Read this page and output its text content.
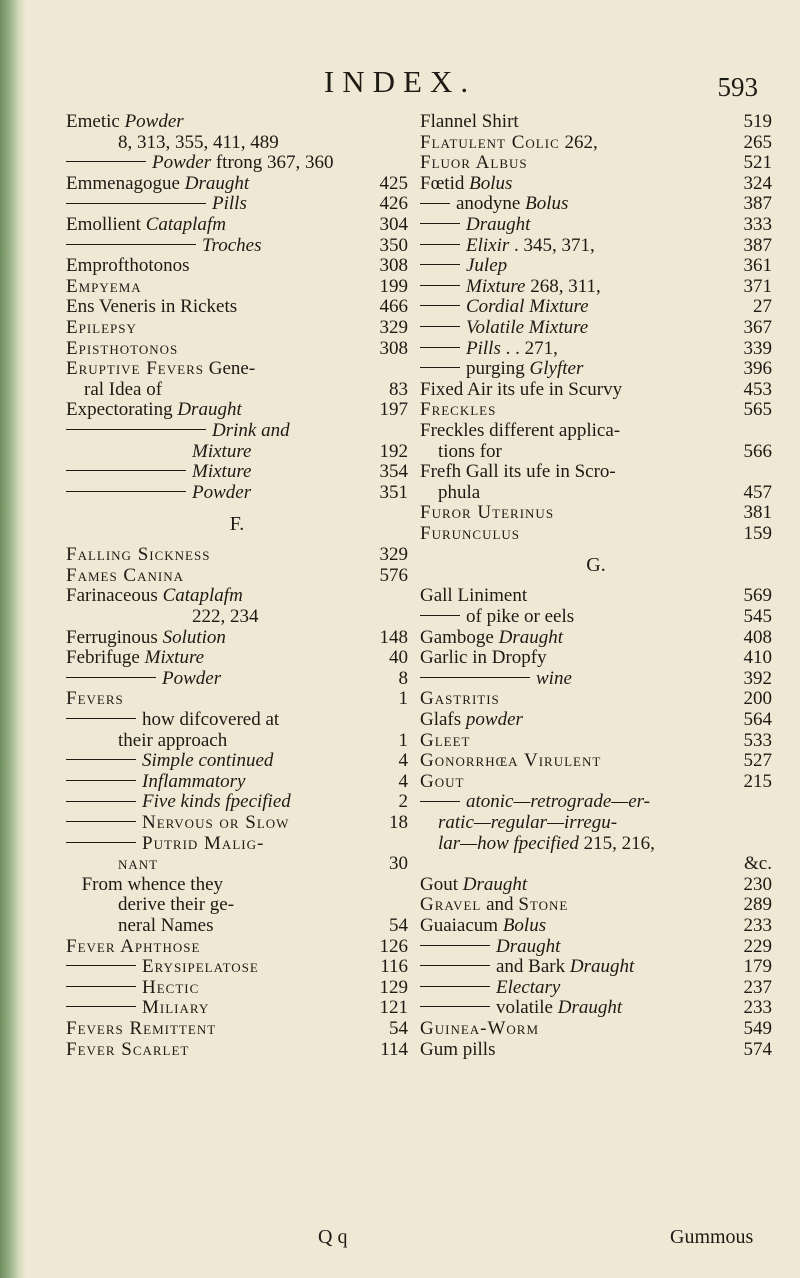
INDEX.	593
Emetic Powder
8, 313, 355, 411, 489
Powder ftrong 367, 360
Emmenagogue Draught	425
Pills	426
Emollient Cataplafm	304
Troches	350
Emprofthotonos	308
Empyema	199
Ens Veneris in Rickets	466
Epilepsy	329
Episthotonos	308
Eruptive Fevers Gene-
ral Idea of	83
Expectorating Draught	197
Drink and
Mixture	192
Mixture	354
Powder	351
F.
Falling Sickness	329
Fames Canina	576
Farinaceous Cataplafm
222, 234
Ferruginous Solution	148
Febrifuge Mixture	40
Powder	8
Fevers	1
how difcovered at
their approach	1
Simple continued	4
Inflammatory	4
Five kinds fpecified	2
Nervous or Slow	18
Putrid Malig-
nant	30
From whence they
derive their ge-
neral Names	54
Fever Aphthose	126
Erysipelatose	116
Hectic	129
Miliary	121
Fevers Remittent	54
Fever Scarlet	114
Flannel Shirt	519
Flatulent Colic 262,	265
Fluor Albus	521
Fœtid Bolus	324
anodyne Bolus	387
Draught	333
Elixir . 345, 371,	387
Julep	361
Mixture 268, 311,	371
Cordial Mixture	27
Volatile Mixture	367
Pills . . 271,	339
purging Glyfter	396
Fixed Air its ufe in Scurvy	453
Freckles	565
Freckles different applica-
tions for	566
Frefh Gall its ufe in Scro-
phula	457
Furor Uterinus	381
Furunculus	159
G.
Gall Liniment	569
of pike or eels	545
Gamboge Draught	408
Garlic in Dropfy	410
wine	392
Gastritis	200
Glafs powder	564
Gleet	533
Gonorrhœa Virulent	527
Gout	215
atonic—retrograde—er-
ratic—regular—irregu-
lar—how fpecified 215, 216,
&c.
Gout Draught	230
Gravel and Stone	289
Guaiacum Bolus	233
Draught	229
and Bark Draught	179
Electary	237
volatile Draught	233
Guinea-Worm	549
Gum pills	574
Q q	Gummous
